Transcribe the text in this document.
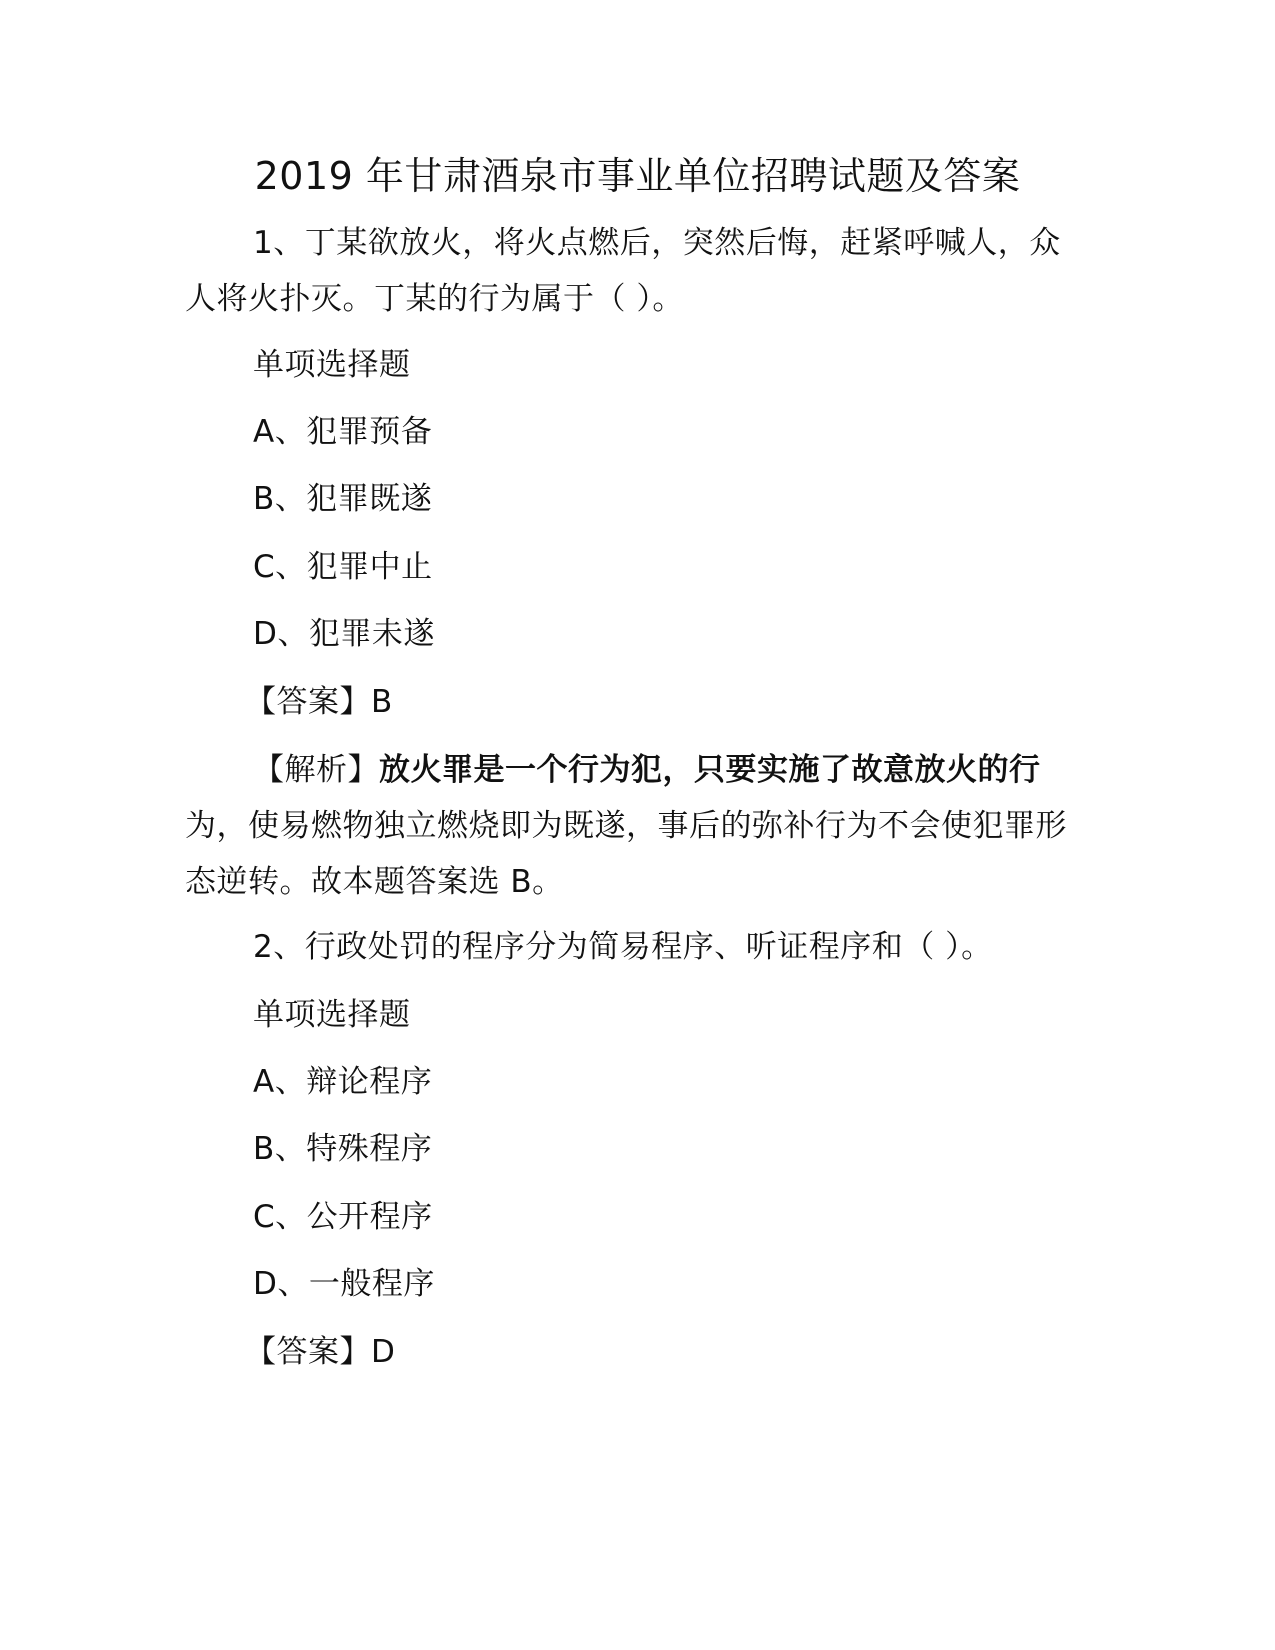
2019 年甘肃酒泉市事业单位招聘试题及答案

1、丁某欲放火，将火点燃后，突然后悔，赶紧呼喊人，众人将火扑灭。丁某的行为属于（ ）。

单项选择题

A、犯罪预备

B、犯罪既遂

C、犯罪中止

D、犯罪未遂

【答案】B

【解析】放火罪是一个行为犯，只要实施了故意放火的行为，使易燃物独立燃烧即为既遂，事后的弥补行为不会使犯罪形态逆转。故本题答案选 B。

2、行政处罚的程序分为简易程序、听证程序和（ ）。

单项选择题

A、辩论程序

B、特殊程序

C、公开程序

D、一般程序

【答案】D
